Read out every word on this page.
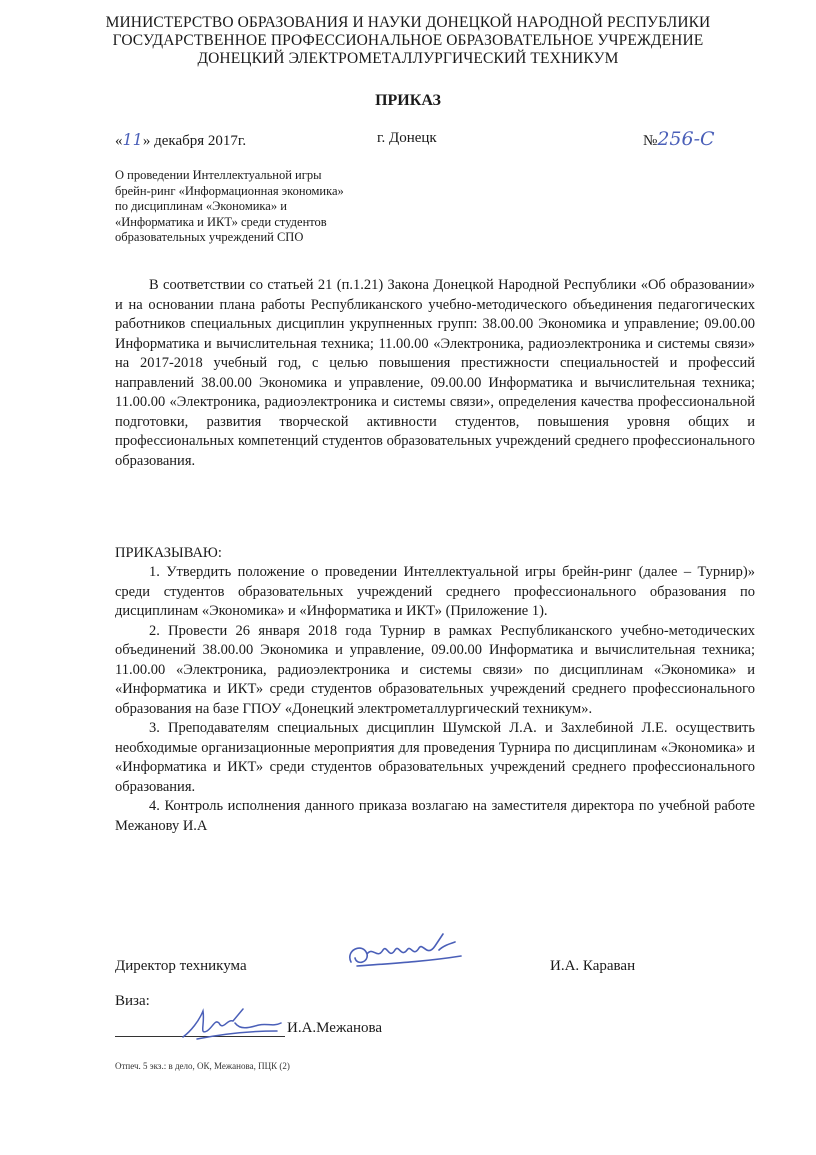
МИНИСТЕРСТВО ОБРАЗОВАНИЯ И НАУКИ ДОНЕЦКОЙ НАРОДНОЙ РЕСПУБЛИКИ
ГОСУДАРСТВЕННОЕ ПРОФЕССИОНАЛЬНОЕ ОБРАЗОВАТЕЛЬНОЕ УЧРЕЖДЕНИЕ
ДОНЕЦКИЙ ЭЛЕКТРОМЕТАЛЛУРГИЧЕСКИЙ ТЕХНИКУМ
ПРИКАЗ
«11» декабря 2017г.	г. Донецк	№256-С
О проведении Интеллектуальной игры
брейн-ринг «Информационная экономика»
по дисциплинам «Экономика» и
«Информатика и ИКТ» среди студентов
образовательных учреждений СПО
В соответствии со статьей 21 (п.1.21) Закона Донецкой Народной Республики «Об образовании» и на основании плана работы Республиканского учебно-методического объединения педагогических работников специальных дисциплин укрупненных групп: 38.00.00 Экономика и управление; 09.00.00 Информатика и вычислительная техника; 11.00.00 «Электроника, радиоэлектроника и системы связи» на 2017-2018 учебный год, с целью повышения престижности специальностей и профессий направлений 38.00.00 Экономика и управление, 09.00.00 Информатика и вычислительная техника; 11.00.00 «Электроника, радиоэлектроника и системы связи», определения качества профессиональной подготовки, развития творческой активности студентов, повышения уровня общих и профессиональных компетенций студентов образовательных учреждений среднего профессионального образования.
ПРИКАЗЫВАЮ:

1. Утвердить положение о проведении Интеллектуальной игры брейн-ринг (далее – Турнир)» среди студентов образовательных учреждений среднего профессионального образования по дисциплинам «Экономика» и «Информатика и ИКТ» (Приложение 1).

2. Провести 26 января 2018 года Турнир в рамках Республиканского учебно-методических объединений 38.00.00 Экономика и управление, 09.00.00 Информатика и вычислительная техника; 11.00.00 «Электроника, радиоэлектроника и системы связи» по дисциплинам «Экономика» и «Информатика и ИКТ» среди студентов образовательных учреждений среднего профессионального образования на базе ГПОУ «Донецкий электрометаллургический техникум».

3. Преподавателям специальных дисциплин Шумской Л.А. и Захлебиной Л.Е. осуществить необходимые организационные мероприятия для проведения Турнира по дисциплинам «Экономика» и «Информатика и ИКТ» среди студентов образовательных учреждений среднего профессионального образования.

4. Контроль исполнения данного приказа возлагаю на заместителя директора по учебной работе Межанову И.А

Директор техникума	И.А. Караван
Виза:
И.А.Межанова
Отпеч. 5 экз.: в дело, ОК, Межанова, ПЦК (2)
